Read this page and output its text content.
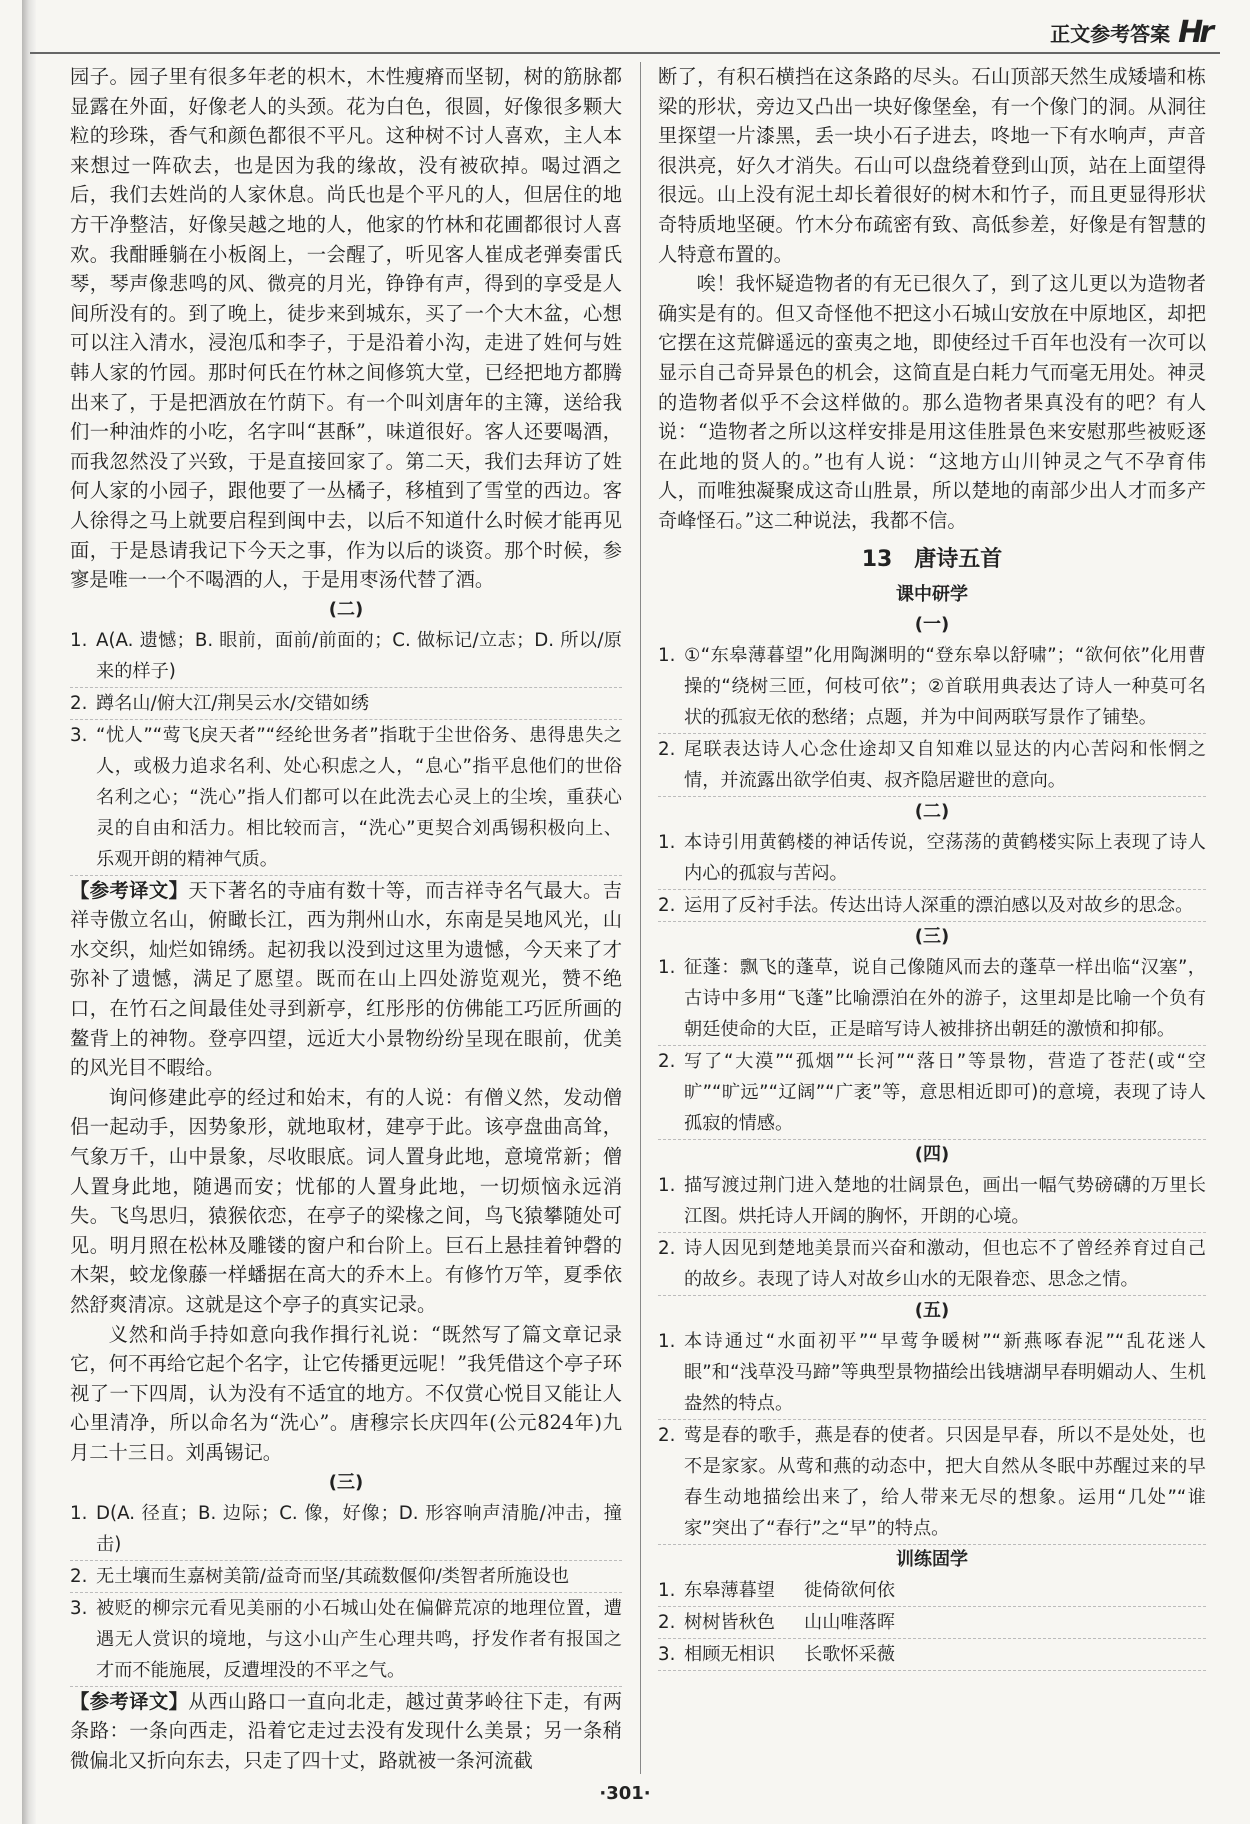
正文参考答案 Hr

园子。园子里有很多年老的枳木，木性瘦瘠而坚韧，树的筋脉都显露在外面，好像老人的头颈。花为白色，很圆，好像很多颗大粒的珍珠，香气和颜色都很不平凡。这种树不讨人喜欢，主人本来想过一阵砍去，也是因为我的缘故，没有被砍掉。喝过酒之后，我们去姓尚的人家休息。尚氏也是个平凡的人，但居住的地方干净整洁，好像吴越之地的人，他家的竹林和花圃都很讨人喜欢。我酣睡躺在小板阁上，一会醒了，听见客人崔成老弹奏雷氏琴，琴声像悲鸣的风、微亮的月光，铮铮有声，得到的享受是人间所没有的。到了晚上，徒步来到城东，买了一个大木盆，心想可以注入清水，浸泡瓜和李子，于是沿着小沟，走进了姓何与姓韩人家的竹园。那时何氏在竹林之间修筑大堂，已经把地方都腾出来了，于是把酒放在竹荫下。有一个叫刘唐年的主簿，送给我们一种油炸的小吃，名字叫“甚酥”，味道很好。客人还要喝酒，而我忽然没了兴致，于是直接回家了。第二天，我们去拜访了姓何人家的小园子，跟他要了一丛橘子，移植到了雪堂的西边。客人徐得之马上就要启程到闽中去，以后不知道什么时候才能再见面，于是恳请我记下今天之事，作为以后的谈资。那个时候，参寥是唯一一个不喝酒的人，于是用枣汤代替了酒。

(二)
1. A(A. 遗憾；B. 眼前，面前/前面的；C. 做标记/立志；D. 所以/原来的样子)
2. 蹲名山/俯大江/荆吴云水/交错如绣
3. “忧人”“莺飞戾天者”“经纶世务者”指耽于尘世俗务、患得患失之人，或极力追求名利、处心积虑之人，“息心”指平息他们的世俗名利之心；“洗心”指人们都可以在此洗去心灵上的尘埃，重获心灵的自由和活力。相比较而言，“洗心”更契合刘禹锡积极向上、乐观开朗的精神气质。

【参考译文】天下著名的寺庙有数十等，而吉祥寺名气最大。吉祥寺傲立名山，俯瞰长江，西为荆州山水，东南是吴地风光，山水交织，灿烂如锦绣。起初我以没到过这里为遗憾，今天来了才弥补了遗憾，满足了愿望。既而在山上四处游览观光，赞不绝口，在竹石之间最佳处寻到新亭，红彤彤的仿佛能工巧匠所画的鳌背上的神物。登亭四望，远近大小景物纷纷呈现在眼前，优美的风光目不暇给。

询问修建此亭的经过和始末，有的人说：有僧义然，发动僧侣一起动手，因势象形，就地取材，建亭于此。该亭盘曲高耸，气象万千，山中景象，尽收眼底。词人置身此地，意境常新；僧人置身此地，随遇而安；忧郁的人置身此地，一切烦恼永远消失。飞鸟思归，猿猴依恋，在亭子的梁椽之间，鸟飞猿攀随处可见。明月照在松林及雕镂的窗户和台阶上。巨石上悬挂着钟磬的木架，蛟龙像藤一样蟠据在高大的乔木上。有修竹万竿，夏季依然舒爽清凉。这就是这个亭子的真实记录。

义然和尚手持如意向我作揖行礼说：“既然写了篇文章记录它，何不再给它起个名字，让它传播更远呢！”我凭借这个亭子环视了一下四周，认为没有不适宜的地方。不仅赏心悦目又能让人心里清净，所以命名为“洗心”。唐穆宗长庆四年(公元824年)九月二十三日。刘禹锡记。

(三)
1. D(A. 径直；B. 边际；C. 像，好像；D. 形容响声清脆/冲击，撞击)
2. 无土壤而生嘉树美箭/益奇而坚/其疏数偃仰/类智者所施设也
3. 被贬的柳宗元看见美丽的小石城山处在偏僻荒凉的地理位置，遭遇无人赏识的境地，与这小山产生心理共鸣，抒发作者有报国之才而不能施展，反遭埋没的不平之气。

【参考译文】从西山路口一直向北走，越过黄茅岭往下走，有两条路：一条向西走，沿着它走过去没有发现什么美景；另一条稍微偏北又折向东去，只走了四十丈，路就被一条河流截

断了，有积石横挡在这条路的尽头。石山顶部天然生成矮墙和栋梁的形状，旁边又凸出一块好像堡垒，有一个像门的洞。从洞往里探望一片漆黑，丢一块小石子进去，咚地一下有水响声，声音很洪亮，好久才消失。石山可以盘绕着登到山顶，站在上面望得很远。山上没有泥土却长着很好的树木和竹子，而且更显得形状奇特质地坚硬。竹木分布疏密有致、高低参差，好像是有智慧的人特意布置的。

唉！我怀疑造物者的有无已很久了，到了这儿更以为造物者确实是有的。但又奇怪他不把这小石城山安放在中原地区，却把它摆在这荒僻遥远的蛮夷之地，即使经过千百年也没有一次可以显示自己奇异景色的机会，这简直是白耗力气而毫无用处。神灵的造物者似乎不会这样做的。那么造物者果真没有的吧？有人说：“造物者之所以这样安排是用这佳胜景色来安慰那些被贬逐在此地的贤人的。”也有人说：“这地方山川钟灵之气不孕育伟人，而唯独凝聚成这奇山胜景，所以楚地的南部少出人才而多产奇峰怪石。”这二种说法，我都不信。

13　唐诗五首
课中研学
(一)
1. ①“东皋薄暮望”化用陶渊明的“登东皋以舒啸”；“欲何依”化用曹操的“绕树三匝，何枝可依”；②首联用典表达了诗人一种莫可名状的孤寂无依的愁绪；点题，并为中间两联写景作了铺垫。
2. 尾联表达诗人心念仕途却又自知难以显达的内心苦闷和怅惘之情，并流露出欲学伯夷、叔齐隐居避世的意向。
(二)
1. 本诗引用黄鹤楼的神话传说，空荡荡的黄鹤楼实际上表现了诗人内心的孤寂与苦闷。
2. 运用了反衬手法。传达出诗人深重的漂泊感以及对故乡的思念。
(三)
1. 征蓬：飘飞的蓬草，说自己像随风而去的蓬草一样出临“汉塞”，古诗中多用“飞蓬”比喻漂泊在外的游子，这里却是比喻一个负有朝廷使命的大臣，正是暗写诗人被排挤出朝廷的激愤和抑郁。
2. 写了“大漠”“孤烟”“长河”“落日”等景物，营造了苍茫(或“空旷”“旷远”“辽阔”“广袤”等，意思相近即可)的意境，表现了诗人孤寂的情感。
(四)
1. 描写渡过荆门进入楚地的壮阔景色，画出一幅气势磅礴的万里长江图。烘托诗人开阔的胸怀，开朗的心境。
2. 诗人因见到楚地美景而兴奋和激动，但也忘不了曾经养育过自己的故乡。表现了诗人对故乡山水的无限眷恋、思念之情。
(五)
1. 本诗通过“水面初平”“早莺争暖树”“新燕啄春泥”“乱花迷人眼”和“浅草没马蹄”等典型景物描绘出钱塘湖早春明媚动人、生机盎然的特点。
2. 莺是春的歌手，燕是春的使者。只因是早春，所以不是处处，也不是家家。从莺和燕的动态中，把大自然从冬眠中苏醒过来的早春生动地描绘出来了，给人带来无尽的想象。运用“几处”“谁家”突出了“春行”之“早”的特点。
训练固学
1. 东皋薄暮望	徙倚欲何依
2. 树树皆秋色	山山唯落晖
3. 相顾无相识	长歌怀采薇
·301·
